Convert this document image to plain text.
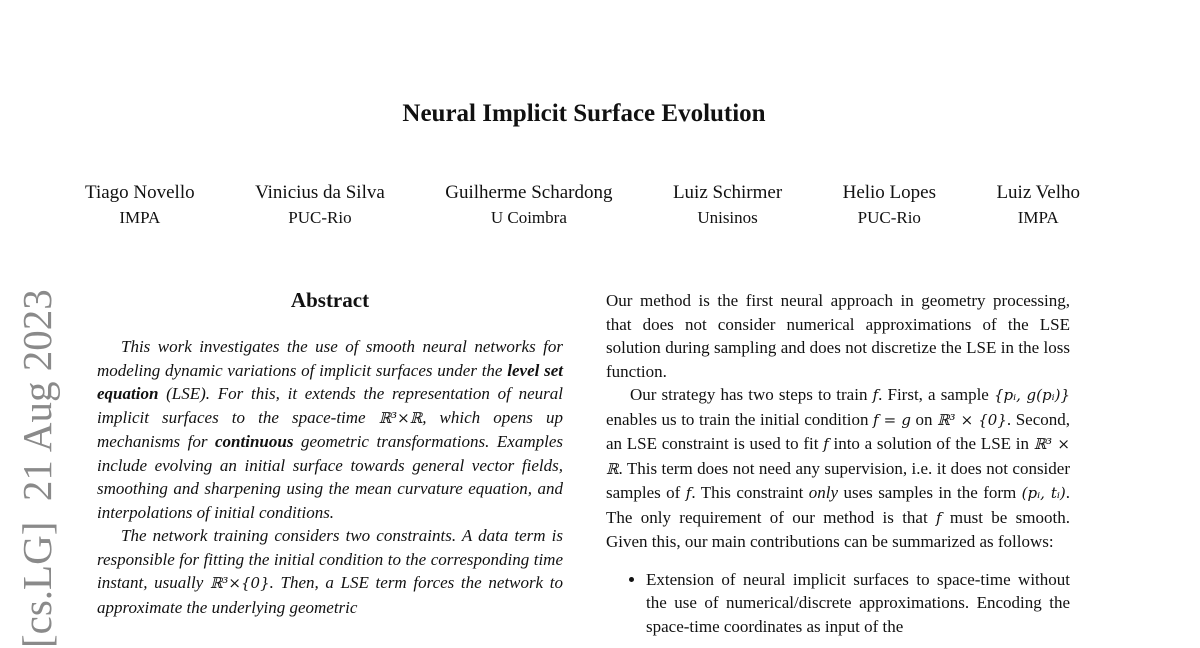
[cs.LG]  21 Aug 2023
Neural Implicit Surface Evolution
Tiago Novello
IMPA
Vinicius da Silva
PUC-Rio
Guilherme Schardong
U Coimbra
Luiz Schirmer
Unisinos
Helio Lopes
PUC-Rio
Luiz Velho
IMPA
Abstract

This work investigates the use of smooth neural networks for modeling dynamic variations of implicit surfaces under the level set equation (LSE). For this, it extends the representation of neural implicit surfaces to the space-time ℝ³×ℝ, which opens up mechanisms for continuous geometric transformations. Examples include evolving an initial surface towards general vector fields, smoothing and sharpening using the mean curvature equation, and interpolations of initial conditions.

The network training considers two constraints. A data term is responsible for fitting the initial condition to the corresponding time instant, usually ℝ³×{0}. Then, a LSE term forces the network to approximate the underlying geometric

Our method is the first neural approach in geometry processing, that does not consider numerical approximations of the LSE solution during sampling and does not discretize the LSE in the loss function.

Our strategy has two steps to train f. First, a sample {pᵢ, g(pᵢ)} enables us to train the initial condition f = g on ℝ³ × {0}. Second, an LSE constraint is used to fit f into a solution of the LSE in ℝ³ × ℝ. This term does not need any supervision, i.e. it does not consider samples of f. This constraint only uses samples in the form (pᵢ, tᵢ). The only requirement of our method is that f must be smooth. Given this, our main contributions can be summarized as follows:

• Extension of neural implicit surfaces to space-time without the use of numerical/discrete approximations. Encoding the space-time coordinates as input of the
